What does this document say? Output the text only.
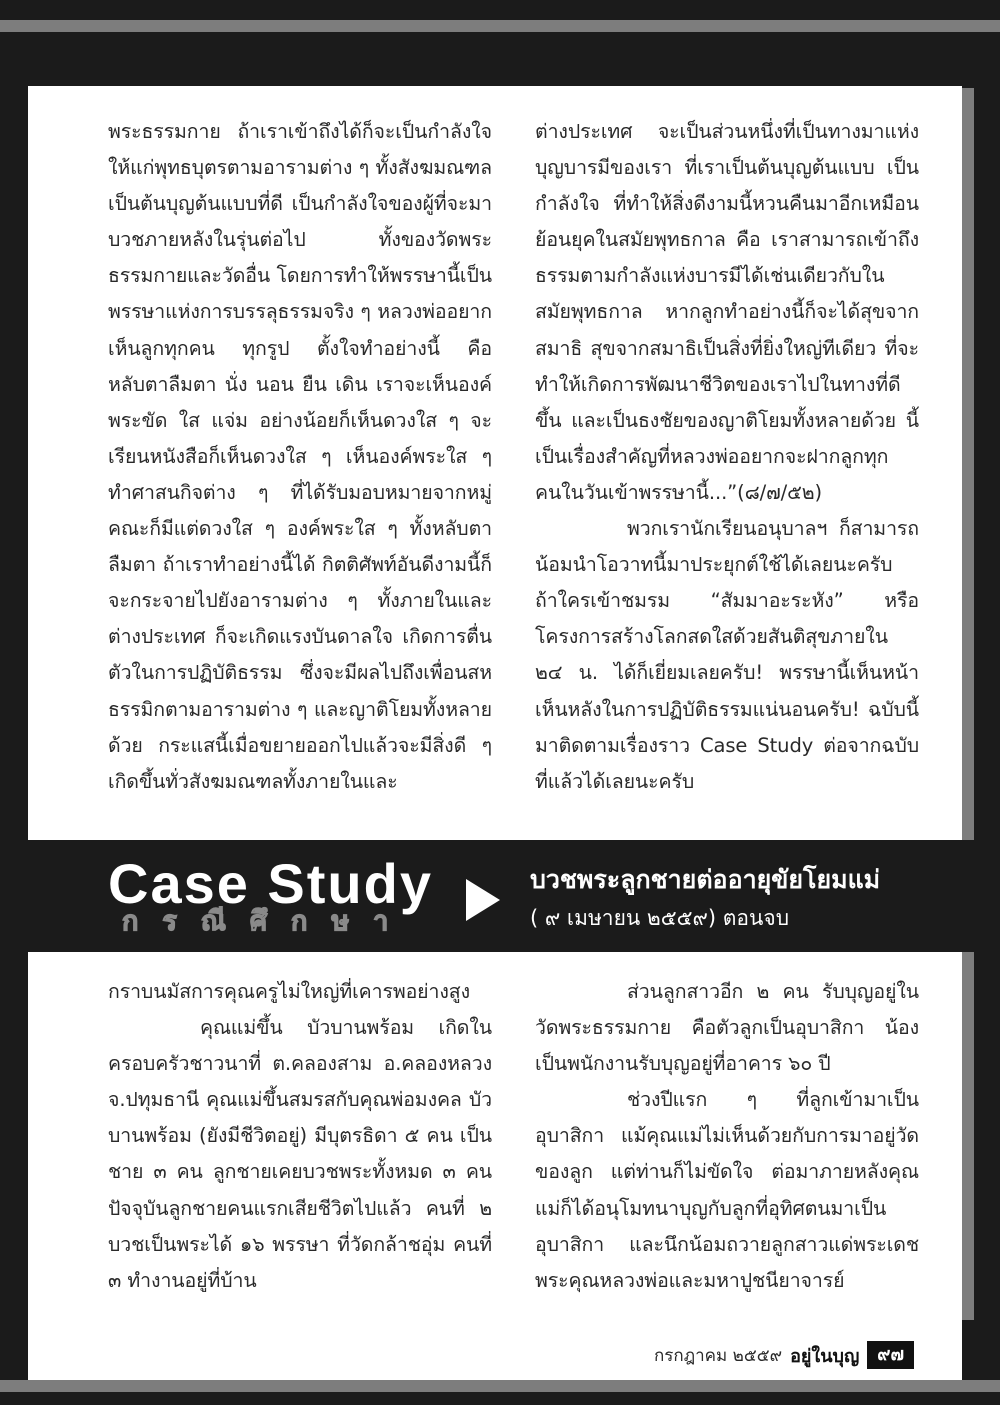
พระธรรมกาย ถ้าเราเข้าถึงได้ก็จะเป็นกำลังใจให้แก่พุทธบุตรตามอารามต่าง ๆ ทั้งสังฆมณฑลเป็นต้นบุญต้นแบบที่ดี เป็นกำลังใจของผู้ที่จะมาบวชภายหลังในรุ่นต่อไป ทั้งของวัดพระธรรมกายและวัดอื่น โดยการทำให้พรรษานี้เป็นพรรษาแห่งการบรรลุธรรมจริง ๆ หลวงพ่ออยากเห็นลูกทุกคน ทุกรูป ตั้งใจทำอย่างนี้ คือ หลับตาลืมตา นั่ง นอน ยืน เดิน เราจะเห็นองค์พระขัด ใส แจ่ม อย่างน้อยก็เห็นดวงใส ๆ จะเรียนหนังสือก็เห็นดวงใส ๆ เห็นองค์พระใส ๆ ทำศาสนกิจต่าง ๆ ที่ได้รับมอบหมายจากหมู่คณะก็มีแต่ดวงใส ๆ องค์พระใส ๆ ทั้งหลับตาลืมตา ถ้าเราทำอย่างนี้ได้ กิตติศัพท์อันดีงามนี้ก็จะกระจายไปยังอารามต่าง ๆ ทั้งภายในและต่างประเทศ ก็จะเกิดแรงบันดาลใจ เกิดการตื่นตัวในการปฏิบัติธรรม ซึ่งจะมีผลไปถึงเพื่อนสหธรรมิกตามอารามต่าง ๆ และญาติโยมทั้งหลายด้วย กระแสนี้เมื่อขยายออกไปแล้วจะมีสิ่งดี ๆ เกิดขึ้นทั่วสังฆมณฑลทั้งภายในและ

ต่างประเทศ จะเป็นส่วนหนึ่งที่เป็นทางมาแห่งบุญบารมีของเรา ที่เราเป็นต้นบุญต้นแบบ เป็นกำลังใจ ที่ทำให้สิ่งดีงามนี้หวนคืนมาอีกเหมือนย้อนยุคในสมัยพุทธกาล คือ เราสามารถเข้าถึงธรรมตามกำลังแห่งบารมีได้เช่นเดียวกับในสมัยพุทธกาล หากลูกทำอย่างนี้ก็จะได้สุขจากสมาธิ สุขจากสมาธิเป็นสิ่งที่ยิ่งใหญ่ทีเดียว ที่จะทำให้เกิดการพัฒนาชีวิตของเราไปในทางที่ดีขึ้น และเป็นธงชัยของญาติโยมทั้งหลายด้วย นี้เป็นเรื่องสำคัญที่หลวงพ่ออยากจะฝากลูกทุกคนในวันเข้าพรรษานี้...”(๘/๗/๕๒)

พวกเรานักเรียนอนุบาลฯ ก็สามารถน้อมนำโอวาทนี้มาประยุกต์ใช้ได้เลยนะครับ ถ้าใครเข้าชมรม “สัมมาอะระหัง” หรือโครงการสร้างโลกสดใสด้วยสันติสุขภายใน ๒๔ น. ได้ก็เยี่ยมเลยครับ! พรรษานี้เห็นหน้าเห็นหลังในการปฏิบัติธรรมแน่นอนครับ! ฉบับนี้มาติดตามเรื่องราว Case Study ต่อจากฉบับที่แล้วได้เลยนะครับ

กรณีศึกษา

Case Study	บวชพระลูกชายต่ออายุขัยโยมแม่

( ๙ เมษายน ๒๕๕๙) ตอนจบ

กราบนมัสการคุณครูไม่ใหญ่ที่เคารพอย่างสูง

คุณแม่ขึ้น บัวบานพร้อม เกิดในครอบครัวชาวนาที่ ต.คลองสาม อ.คลองหลวง จ.ปทุมธานี คุณแม่ขึ้นสมรสกับคุณพ่อมงคล บัวบานพร้อม (ยังมีชีวิตอยู่) มีบุตรธิดา ๕ คน เป็นชาย ๓ คน ลูกชายเคยบวชพระทั้งหมด ๓ คน ปัจจุบันลูกชายคนแรกเสียชีวิตไปแล้ว คนที่ ๒ บวชเป็นพระได้ ๑๖ พรรษา ที่วัดกล้าชอุ่ม คนที่ ๓ ทำงานอยู่ที่บ้าน

ส่วนลูกสาวอีก ๒ คน รับบุญอยู่ในวัดพระธรรมกาย คือตัวลูกเป็นอุบาสิกา น้องเป็นพนักงานรับบุญอยู่ที่อาคาร ๖๐ ปี

ช่วงปีแรก ๆ ที่ลูกเข้ามาเป็นอุบาสิกา แม้คุณแม่ไม่เห็นด้วยกับการมาอยู่วัดของลูก แต่ท่านก็ไม่ขัดใจ ต่อมาภายหลังคุณแม่ก็ได้อนุโมทนาบุญกับลูกที่อุทิศตนมาเป็นอุบาสิกา และนึกน้อมถวายลูกสาวแด่พระเดชพระคุณหลวงพ่อและมหาปูชนียาจารย์

กรกฎาคม ๒๕๕๙ อยู่ในบุญ	๙๗
